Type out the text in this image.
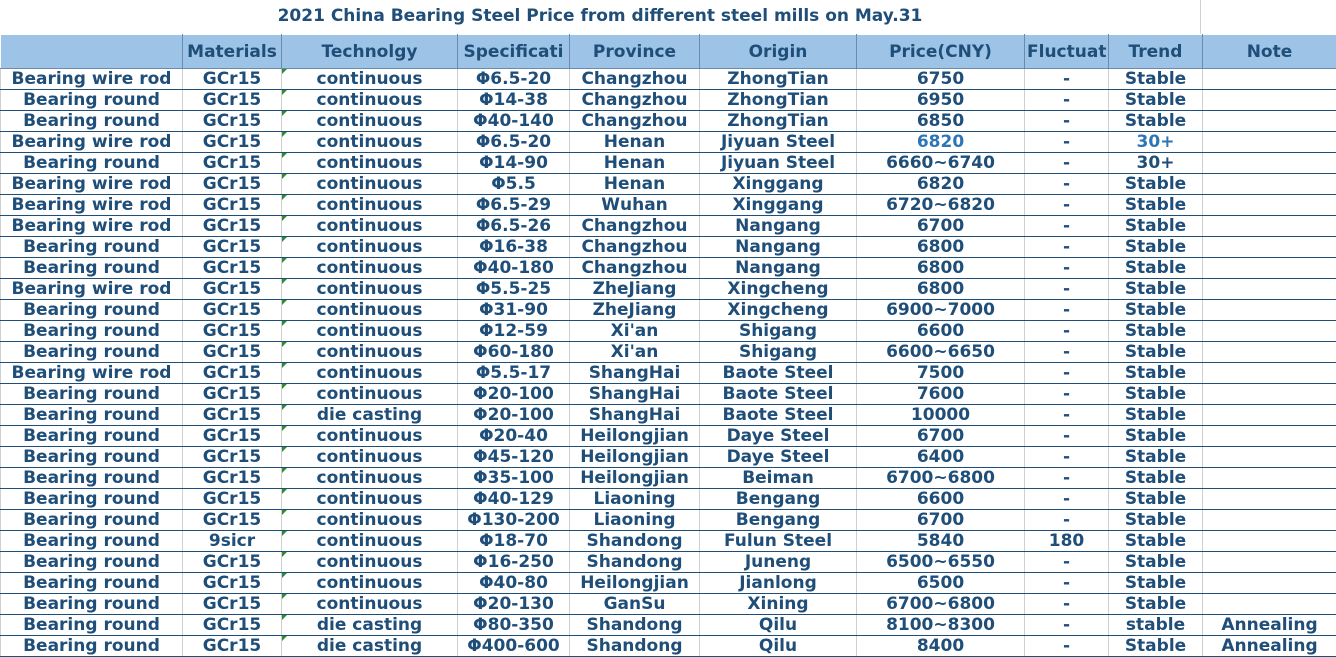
2021 China Bearing Steel Price from different steel mills on May.31
	Materials	Technolgy	Specificati	Province	Origin	Price(CNY)	Fluctuat	Trend	Note
Bearing wire rod	GCr15	continuous	Φ6.5-20	Changzhou	ZhongTian	6750	-	Stable	
Bearing round	GCr15	continuous	Φ14-38	Changzhou	ZhongTian	6950	-	Stable	
Bearing round	GCr15	continuous	Φ40-140	Changzhou	ZhongTian	6850	-	Stable	
Bearing wire rod	GCr15	continuous	Φ6.5-20	Henan	Jiyuan Steel	6820	-	30+	
Bearing round	GCr15	continuous	Φ14-90	Henan	Jiyuan Steel	6660~6740	-	30+	
Bearing wire rod	GCr15	continuous	Φ5.5	Henan	Xinggang	6820	-	Stable	
Bearing wire rod	GCr15	continuous	Φ6.5-29	Wuhan	Xinggang	6720~6820	-	Stable	
Bearing wire rod	GCr15	continuous	Φ6.5-26	Changzhou	Nangang	6700	-	Stable	
Bearing round	GCr15	continuous	Φ16-38	Changzhou	Nangang	6800	-	Stable	
Bearing round	GCr15	continuous	Φ40-180	Changzhou	Nangang	6800	-	Stable	
Bearing wire rod	GCr15	continuous	Φ5.5-25	ZheJiang	Xingcheng	6800	-	Stable	
Bearing round	GCr15	continuous	Φ31-90	ZheJiang	Xingcheng	6900~7000	-	Stable	
Bearing round	GCr15	continuous	Φ12-59	Xi'an	Shigang	6600	-	Stable	
Bearing round	GCr15	continuous	Φ60-180	Xi'an	Shigang	6600~6650	-	Stable	
Bearing wire rod	GCr15	continuous	Φ5.5-17	ShangHai	Baote Steel	7500	-	Stable	
Bearing round	GCr15	continuous	Φ20-100	ShangHai	Baote Steel	7600	-	Stable	
Bearing round	GCr15	die casting	Φ20-100	ShangHai	Baote Steel	10000	-	Stable	
Bearing round	GCr15	continuous	Φ20-40	Heilongjian	Daye Steel	6700	-	Stable	
Bearing round	GCr15	continuous	Φ45-120	Heilongjian	Daye Steel	6400	-	Stable	
Bearing round	GCr15	continuous	Φ35-100	Heilongjian	Beiman	6700~6800	-	Stable	
Bearing round	GCr15	continuous	Φ40-129	Liaoning	Bengang	6600	-	Stable	
Bearing round	GCr15	continuous	Φ130-200	Liaoning	Bengang	6700	-	Stable	
Bearing round	9sicr	continuous	Φ18-70	Shandong	Fulun Steel	5840	180	Stable	
Bearing round	GCr15	continuous	Φ16-250	Shandong	Juneng	6500~6550	-	Stable	
Bearing round	GCr15	continuous	Φ40-80	Heilongjian	Jianlong	6500	-	Stable	
Bearing round	GCr15	continuous	Φ20-130	GanSu	Xining	6700~6800	-	Stable	
Bearing round	GCr15	die casting	Φ80-350	Shandong	Qilu	8100~8300	-	stable	Annealing
Bearing round	GCr15	die casting	Φ400-600	Shandong	Qilu	8400	-	Stable	Annealing
